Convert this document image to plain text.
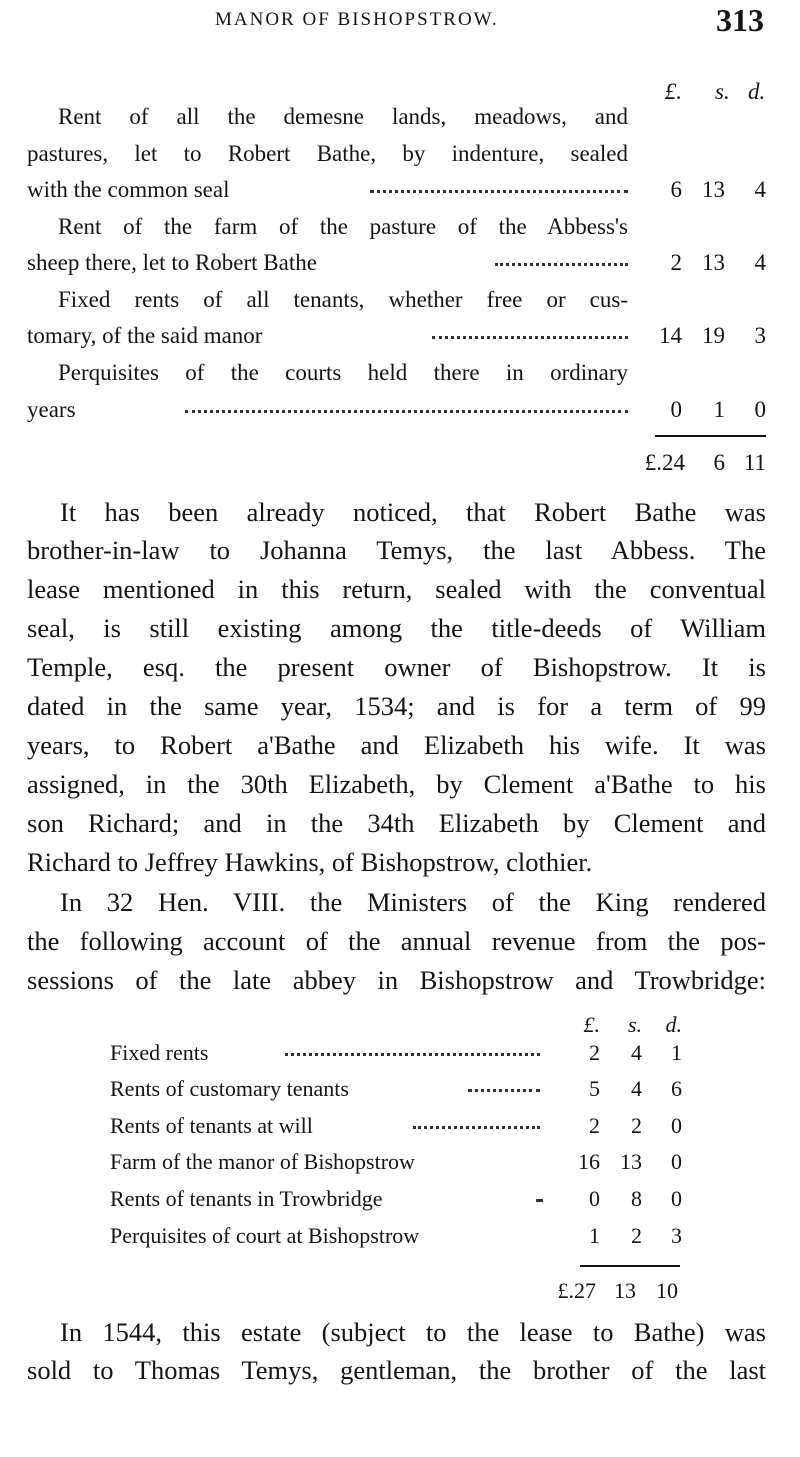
MANOR OF BISHOPSTROW.	313
£. s. d.
Rent of all the demesne lands, meadows, and
pastures, let to Robert Bathe, by indenture, sealed
with the common seal	6 13	4
Rent of the farm of the pasture of the Abbess's
sheep there, let to Robert Bathe	2 13	4
Fixed rents of all tenants, whether free or cus-
tomary, of the said manor	14 19	3
Perquisites of the courts held there in ordinary
years	0	1	0
£.24	6 11
It has been already noticed, that Robert Bathe was
brother-in-law to Johanna Temys, the last Abbess. The
lease mentioned in this return, sealed with the conventual
seal, is still existing among the title-deeds of William
Temple, esq. the present owner of Bishopstrow. It is
dated in the same year, 1534; and is for a term of 99
years, to Robert a'Bathe and Elizabeth his wife. It was
assigned, in the 30th Elizabeth, by Clement a'Bathe to his
son Richard; and in the 34th Elizabeth by Clement and
Richard to Jeffrey Hawkins, of Bishopstrow, clothier.
In 32 Hen. VIII. the Ministers of the King rendered
the following account of the annual revenue from the pos-
sessions of the late abbey in Bishopstrow and Trowbridge:
£.	s.	d.
Fixed rents	2	4	1
Rents of customary tenants	5	4	6
Rents of tenants at will	2	2	0
Farm of the manor of Bishopstrow	16 13	0
Rents of tenants in Trowbridge	0	8	0
Perquisites of court at Bishopstrow	1	2	3
£.27 13 10
In 1544, this estate (subject to the lease to Bathe) was
sold to Thomas Temys, gentleman, the brother of the last
